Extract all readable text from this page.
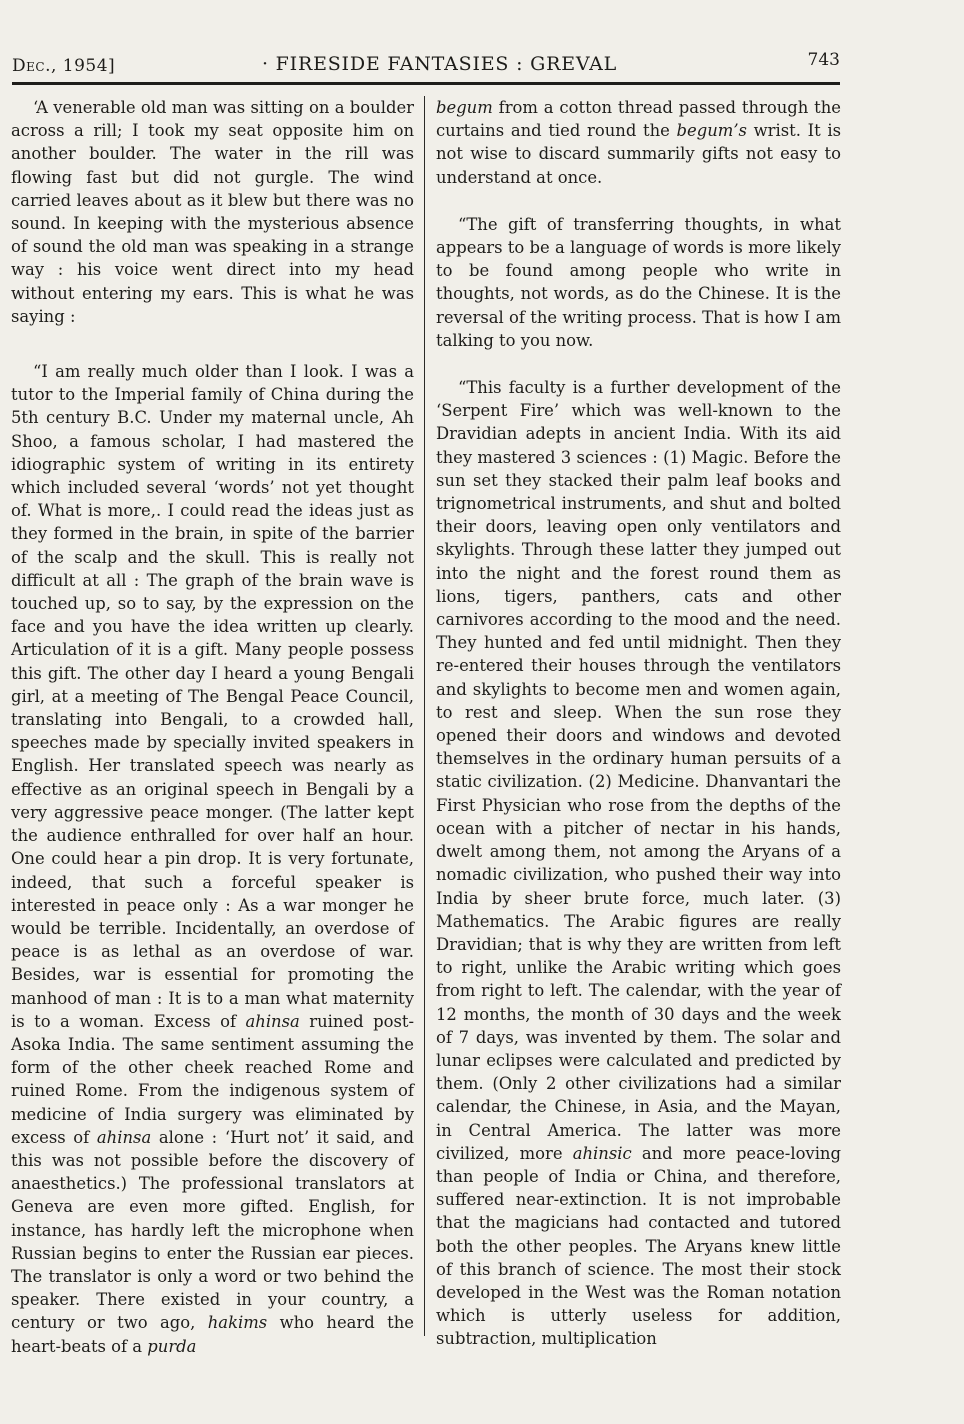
Dec., 1954]	· FIRESIDE FANTASIES : GREVAL	743

‘A venerable old man was sitting on a boulder across a rill; I took my seat opposite him on another boulder. The water in the rill was flowing fast but did not gurgle. The wind carried leaves about as it blew but there was no sound. In keeping with the mysterious absence of sound the old man was speaking in a strange way : his voice went direct into my head without entering my ears. This is what he was saying :

“I am really much older than I look. I was a tutor to the Imperial family of China during the 5th century B.C. Under my maternal uncle, Ah Shoo, a famous scholar, I had mastered the idiographic system of writing in its entirety which included several ‘words’ not yet thought of. What is more,. I could read the ideas just as they formed in the brain, in spite of the barrier of the scalp and the skull. This is really not difficult at all : The graph of the brain wave is touched up, so to say, by the expression on the face and you have the idea written up clearly. Articulation of it is a gift. Many people possess this gift. The other day I heard a young Bengali girl, at a meeting of The Bengal Peace Council, translating into Bengali, to a crowded hall, speeches made by specially invited speakers in English. Her translated speech was nearly as effective as an original speech in Bengali by a very aggressive peace monger. (The latter kept the audience enthralled for over half an hour. One could hear a pin drop. It is very fortunate, indeed, that such a forceful speaker is interested in peace only : As a war monger he would be terrible. Incidentally, an overdose of peace is as lethal as an overdose of war. Besides, war is essential for promoting the manhood of man : It is to a man what maternity is to a woman. Excess of ahinsa ruined post-Asoka India. The same sentiment assuming the form of the other cheek reached Rome and ruined Rome. From the indigenous system of medicine of India surgery was eliminated by excess of ahinsa alone : ‘Hurt not’ it said, and this was not possible before the discovery of anaesthetics.) The professional translators at Geneva are even more gifted. English, for instance, has hardly left the microphone when Russian begins to enter the Russian ear pieces. The translator is only a word or two behind the speaker. There existed in your country, a century or two ago, hakims who heard the heart-beats of a purda

begum from a cotton thread passed through the curtains and tied round the begum’s wrist. It is not wise to discard summarily gifts not easy to understand at once.

“The gift of transferring thoughts, in what appears to be a language of words is more likely to be found among people who write in thoughts, not words, as do the Chinese. It is the reversal of the writing process. That is how I am talking to you now.

“This faculty is a further development of the ‘Serpent Fire’ which was well-known to the Dravidian adepts in ancient India. With its aid they mastered 3 sciences : (1) Magic. Before the sun set they stacked their palm leaf books and trignometrical instruments, and shut and bolted their doors, leaving open only ventilators and skylights. Through these latter they jumped out into the night and the forest round them as lions, tigers, panthers, cats and other carnivores according to the mood and the need. They hunted and fed until midnight. Then they re-entered their houses through the ventilators and skylights to become men and women again, to rest and sleep. When the sun rose they opened their doors and windows and devoted themselves in the ordinary human persuits of a static civilization. (2) Medicine. Dhanvantari the First Physician who rose from the depths of the ocean with a pitcher of nectar in his hands, dwelt among them, not among the Aryans of a nomadic civilization, who pushed their way into India by sheer brute force, much later. (3) Mathematics. The Arabic figures are really Dravidian; that is why they are written from left to right, unlike the Arabic writing which goes from right to left. The calendar, with the year of 12 months, the month of 30 days and the week of 7 days, was invented by them. The solar and lunar eclipses were calculated and predicted by them. (Only 2 other civilizations had a similar calendar, the Chinese, in Asia, and the Mayan, in Central America. The latter was more civilized, more ahinsic and more peace-loving than people of India or China, and therefore, suffered near-extinction. It is not improbable that the magicians had contacted and tutored both the other peoples. The Aryans knew little of this branch of science. The most their stock developed in the West was the Roman notation which is utterly useless for addition, subtraction, multiplication
